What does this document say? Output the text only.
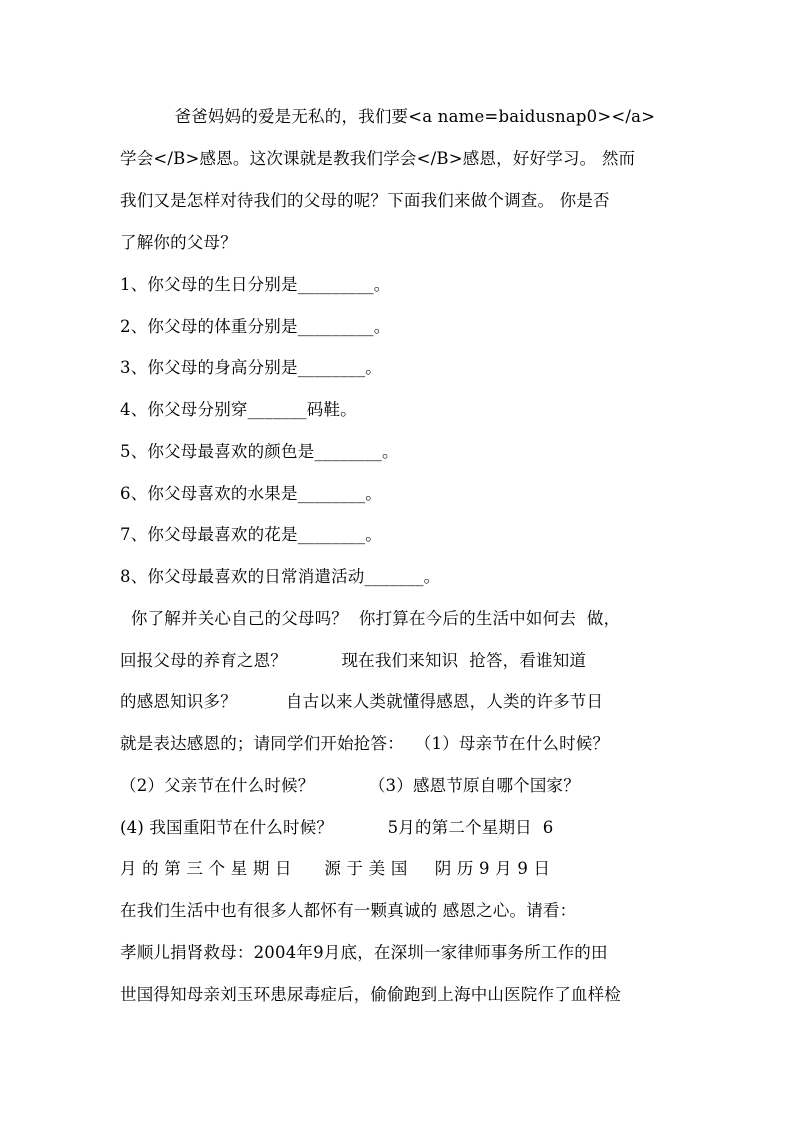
爸爸妈妈的爱是无私的，我们要<a name=baidusnap0></a>
学会</B>感恩。这次课就是教我们学会</B>感恩，好好学习。 然而
我们又是怎样对待我们的父母的呢？下面我们来做个调查。 你是否
了解你的父母？
1、你父母的生日分别是_________。
2、你父母的体重分别是_________。
3、你父母的身高分别是________。
4、你父母分别穿_______码鞋。
5、你父母最喜欢的颜色是________。
6、你父母喜欢的水果是________。
7、你父母最喜欢的花是________。
8、你父母最喜欢的日常消遣活动_______。
你了解并关心自己的父母吗？  你打算在今后的生活中如何去  做，
回报父母的养育之恩？          现在我们来知识  抢答，看谁知道
的感恩知识多？         自古以来人类就懂得感恩，人类的许多节日
就是表达感恩的；请同学们开始抢答：  （1）母亲节在什么时候？
（2）父亲节在什么时候？          （3）感恩节原自哪个国家？
(4) 我国重阳节在什么时候？          5月的第二个星期日  6
月 的 第 三 个 星 期 日      源 于 美 国     阴 历 9 月 9 日
在我们生活中也有很多人都怀有一颗真诚的 感恩之心。请看：
孝顺儿捐肾救母：2004年9月底，在深圳一家律师事务所工作的田
世国得知母亲刘玉环患尿毒症后，偷偷跑到上海中山医院作了血样检
